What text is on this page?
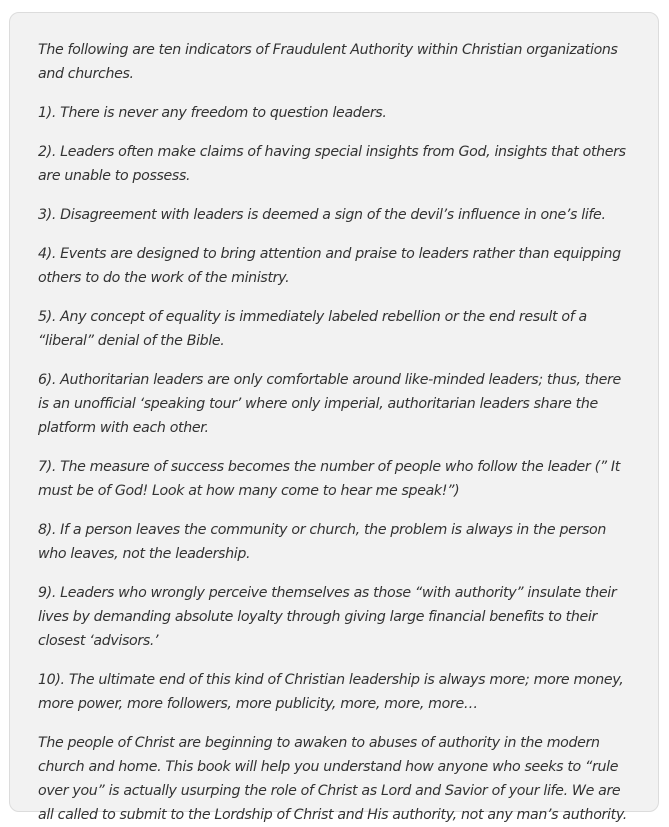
The following are ten indicators of Fraudulent Authority within Christian organizations and churches.

1). There is never any freedom to question leaders.

2). Leaders often make claims of having special insights from God, insights that others are unable to possess.

3). Disagreement with leaders is deemed a sign of the devil’s influence in one’s life.

4). Events are designed to bring attention and praise to leaders rather than equipping others to do the work of the ministry.

5). Any concept of equality is immediately labeled rebellion or the end result of a “liberal” denial of the Bible.

6). Authoritarian leaders are only comfortable around like-minded leaders; thus, there is an unofficial ‘speaking tour’ where only imperial, authoritarian leaders share the platform with each other.

7). The measure of success becomes the number of people who follow the leader (” It must be of God! Look at how many come to hear me speak!”)

8). If a person leaves the community or church, the problem is always in the person who leaves, not the leadership.

9). Leaders who wrongly perceive themselves as those “with authority” insulate their lives by demanding absolute loyalty through giving large financial benefits to their closest ‘advisors.’

10). The ultimate end of this kind of Christian leadership is always more; more money, more power, more followers, more publicity, more, more, more…

The people of Christ are beginning to awaken to abuses of authority in the modern church and home. This book will help you understand how anyone who seeks to “rule over you” is actually usurping the role of Christ as Lord and Savior of your life. We are all called to submit to the Lordship of Christ and His authority, not any man’s authority.
